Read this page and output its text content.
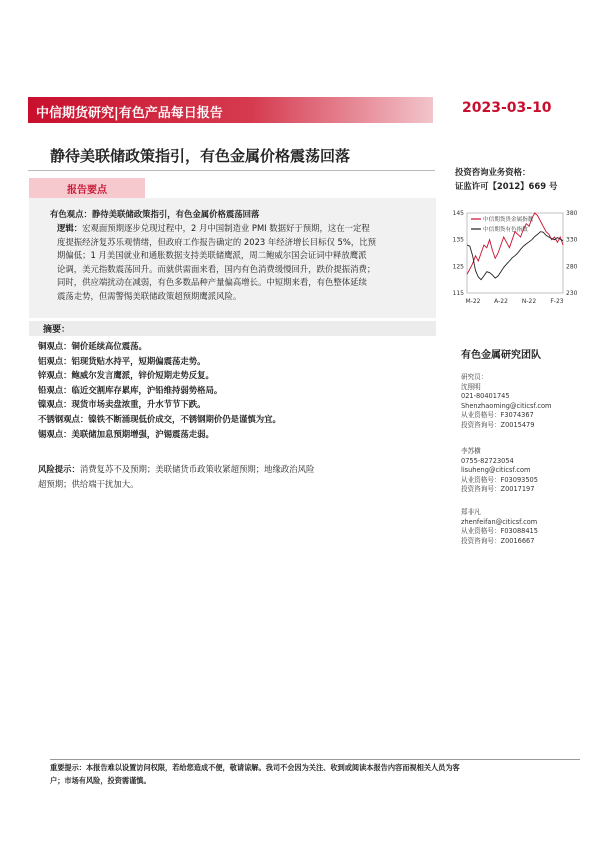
中信期货研究|有色产品每日报告	2023-03-10
静待美联储政策指引，有色金属价格震荡回落
报告要点
有色观点：静待美联储政策指引，有色金属价格震荡回落
逻辑：宏观面预期逐步兑现过程中，2 月中国制造业 PMI 数据好于预期，这在一定程
度提振经济复苏乐观情绪，但政府工作报告确定的 2023 年经济增长目标仅 5%，比预
期偏低；1 月美国就业和通胀数据支持美联储鹰派，周二鲍威尔国会证词中释放鹰派
论调，美元指数震荡回升。而就供需面来看，国内有色消费缓慢回升，跌价提振消费；
同时，供应端扰动在减弱，有色多数品种产量偏高增长。中短期来看，有色整体延续
震荡走势，但需警惕美联储政策超预期鹰派风险。
摘要：
铜观点：铜价延续高位震荡。
铝观点：铝现货贴水持平，短期偏震荡走势。
锌观点：鲍威尔发言鹰派，锌价短期走势反复。
铅观点：临近交割库存累库，沪铅维持弱势格局。
镍观点：现货市场卖盘浓重，升水节节下跌。
不锈钢观点：镍铁不断涌现低价成交，不锈钢期价仍是谨慎为宜。
锡观点：美联储加息预期增强，沪锡震荡走弱。
风险提示：消费复苏不及预期；美联储货币政策收紧超预期；地缘政治风险
超预期；供给端干扰加大。
投资咨询业务资格：
证监许可【2012】669 号
145
135
125
115
380
330
280
230
M-22 A-22 N-22 F-23
中信期货贵金属指数
中信期货有色指数
有色金属研究团队
研究员：
沈照明
021-80401745
Shenzhaoming@citicsf.com
从业资格号：F3074367
投资咨询号：Z0015479
李苏横
0755-82723054
lisuheng@citicsf.com
从业资格号：F03093505
投资咨询号：Z0017197
郑非凡
zhenfeifan@citicsf.com
从业资格号：F03088415
投资咨询号：Z0016667
重要提示：本报告难以设置访问权限，若给您造成不便，敬请谅解。我司不会因为关注、收到或阅读本报告内容而视相关人员为客
户；市场有风险，投资需谨慎。
